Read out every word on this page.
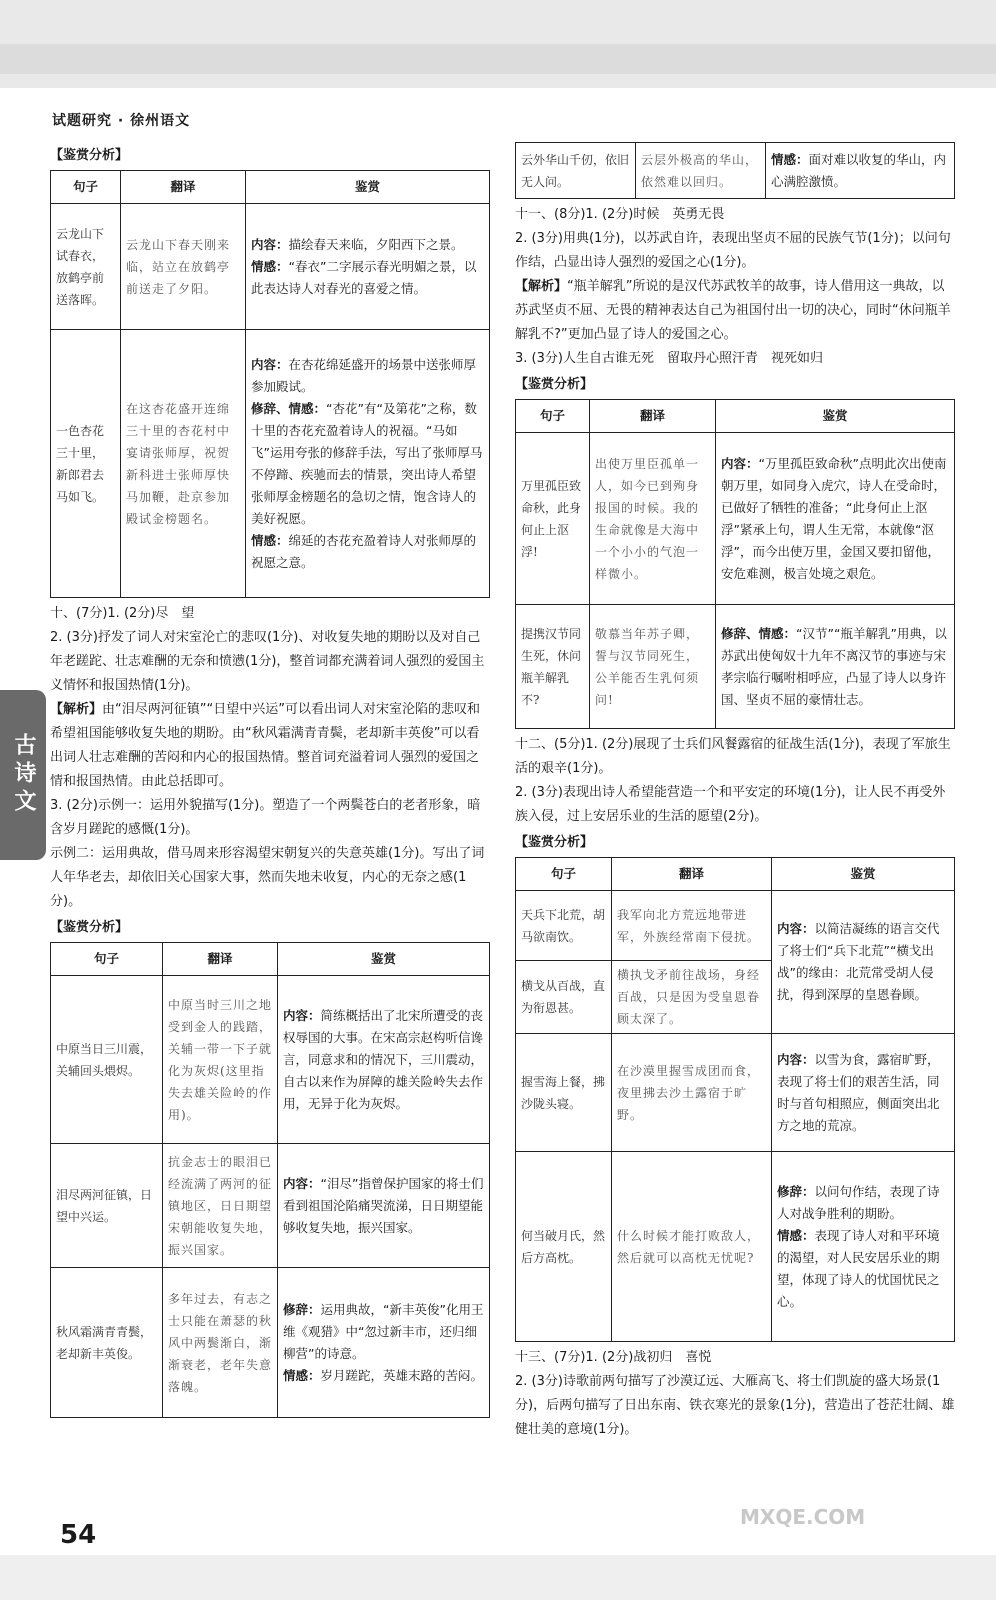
试题研究 · 徐州语文
【鉴赏分析】
句子	翻译	鉴赏
云龙山下试春衣，放鹤亭前送落晖。	云龙山下春天刚来临，站立在放鹤亭前送走了夕阳。	内容：描绘春天来临，夕阳西下之景。

情感：“春衣”二字展示春光明媚之景，以此表达诗人对春光的喜爱之情。

一色杏花三十里，新郎君去马如飞。	在这杏花盛开连绵三十里的杏花村中宴请张师厚，祝贺新科进士张师厚快马加鞭，赴京参加殿试金榜题名。	内容：在杏花绵延盛开的场景中送张师厚参加殿试。

修辞、情感：“杏花”有“及第花”之称，数十里的杏花充盈着诗人的祝福。“马如飞”运用夸张的修辞手法，写出了张师厚马不停蹄、疾驰而去的情景，突出诗人希望张师厚金榜题名的急切之情，饱含诗人的美好祝愿。

情感：绵延的杏花充盈着诗人对张师厚的祝愿之意。

十、(7分)1. (2分)尽　望

2. (3分)抒发了词人对宋室沦亡的悲叹(1分)、对收复失地的期盼以及对自己年老蹉跎、壮志难酬的无奈和愤懑(1分)，整首词都充满着词人强烈的爱国主义情怀和报国热情(1分)。

【解析】由“泪尽两河征镇”“日望中兴运”可以看出词人对宋室沦陷的悲叹和希望祖国能够收复失地的期盼。由“秋风霜满青青鬓，老却新丰英俊”可以看出词人壮志难酬的苦闷和内心的报国热情。整首词充溢着词人强烈的爱国之情和报国热情。由此总括即可。

3. (2分)示例一：运用外貌描写(1分)。塑造了一个两鬓苍白的老者形象，暗含岁月蹉跎的感慨(1分)。

示例二：运用典故，借马周来形容渴望宋朝复兴的失意英雄(1分)。写出了词人年华老去，却依旧关心国家大事，然而失地未收复，内心的无奈之感(1分)。

【鉴赏分析】
句子	翻译	鉴赏
中原当日三川震，关辅回头煨烬。	中原当时三川之地受到金人的践踏，关辅一带一下子就化为灰烬(这里指失去雄关险岭的作用)。	内容：简练概括出了北宋所遭受的丧权辱国的大事。在宋高宗赵构听信谗言，同意求和的情况下，三川震动，自古以来作为屏障的雄关险岭失去作用，无异于化为灰烬。

泪尽两河征镇，日望中兴运。	抗金志士的眼泪已经流满了两河的征镇地区，日日期望宋朝能收复失地，振兴国家。	内容：“泪尽”指曾保护国家的将士们看到祖国沦陷痛哭流涕，日日期望能够收复失地，振兴国家。

秋风霜满青青鬓，老却新丰英俊。	多年过去，有志之士只能在萧瑟的秋风中两鬓渐白，渐渐衰老，老年失意落魄。	修辞：运用典故，“新丰英俊”化用王维《观猎》中“忽过新丰市，还归细柳营”的诗意。

情感：岁月蹉跎，英雄末路的苦闷。

云外华山千仞，依旧无人问。	云层外极高的华山，依然难以回归。	

情感：面对难以收复的华山，内心满腔激愤。

十一、(8分)1. (2分)时候　英勇无畏

2. (3分)用典(1分)，以苏武自许，表现出坚贞不屈的民族气节(1分)；以问句作结，凸显出诗人强烈的爱国之心(1分)。

【解析】“瓶羊解乳”所说的是汉代苏武牧羊的故事，诗人借用这一典故，以苏武坚贞不屈、无畏的精神表达自己为祖国付出一切的决心，同时“休问瓶羊解乳不?”更加凸显了诗人的爱国之心。

3. (3分)人生自古谁无死　留取丹心照汗青　视死如归

【鉴赏分析】
句子	翻译	鉴赏
万里孤臣致命秋，此身何止上沤浮!	出使万里臣孤单一人，如今已到殉身报国的时候。我的生命就像是大海中一个小小的气泡一样微小。	内容：“万里孤臣致命秋”点明此次出使南朝万里，如同身入虎穴，诗人在受命时，已做好了牺牲的准备；“此身何止上沤浮”紧承上句，谓人生无常，本就像“沤浮”，而今出使万里，金国又要扣留他，安危难测，极言处境之艰危。

提携汉节同生死，休问瓶羊解乳不?	敬慕当年苏子卿，誓与汉节同死生，公羊能否生乳何须问!	修辞、情感：“汉节”“瓶羊解乳”用典，以苏武出使匈奴十九年不离汉节的事迹与宋孝宗临行嘱咐相呼应，凸显了诗人以身许国、坚贞不屈的豪情壮志。

十二、(5分)1. (2分)展现了士兵们风餐露宿的征战生活(1分)，表现了军旅生活的艰辛(1分)。

2. (3分)表现出诗人希望能营造一个和平安定的环境(1分)，让人民不再受外族入侵，过上安居乐业的生活的愿望(2分)。

【鉴赏分析】
句子	翻译	鉴赏
天兵下北荒，胡马欲南饮。	我军向北方荒远地带进军，外族经常南下侵扰。	内容：以简洁凝练的语言交代了将士们“兵下北荒”“横戈出战”的缘由：北荒常受胡人侵扰，得到深厚的皇恩眷顾。

横戈从百战，直为衔恩甚。	横执戈矛前往战场，身经百战，只是因为受皇恩眷顾太深了。	
握雪海上餐，拂沙陇头寝。	在沙漠里握雪成团而食，夜里拂去沙土露宿于旷野。	内容：以雪为食，露宿旷野，表现了将士们的艰苦生活，同时与首句相照应，侧面突出北方之地的荒凉。

何当破月氏，然后方高枕。	什么时候才能打败敌人，然后就可以高枕无忧呢?	修辞：以问句作结，表现了诗人对战争胜利的期盼。

情感：表现了诗人对和平环境的渴望，对人民安居乐业的期望，体现了诗人的忧国忧民之心。

十三、(7分)1. (2分)战初归　喜悦

2. (3分)诗歌前两句描写了沙漠辽远、大雁高飞、将士们凯旋的盛大场景(1分)，后两句描写了日出东南、铁衣寒光的景象(1分)，营造出了苍茫壮阔、雄健壮美的意境(1分)。

古诗文
54
MXQE.COM
